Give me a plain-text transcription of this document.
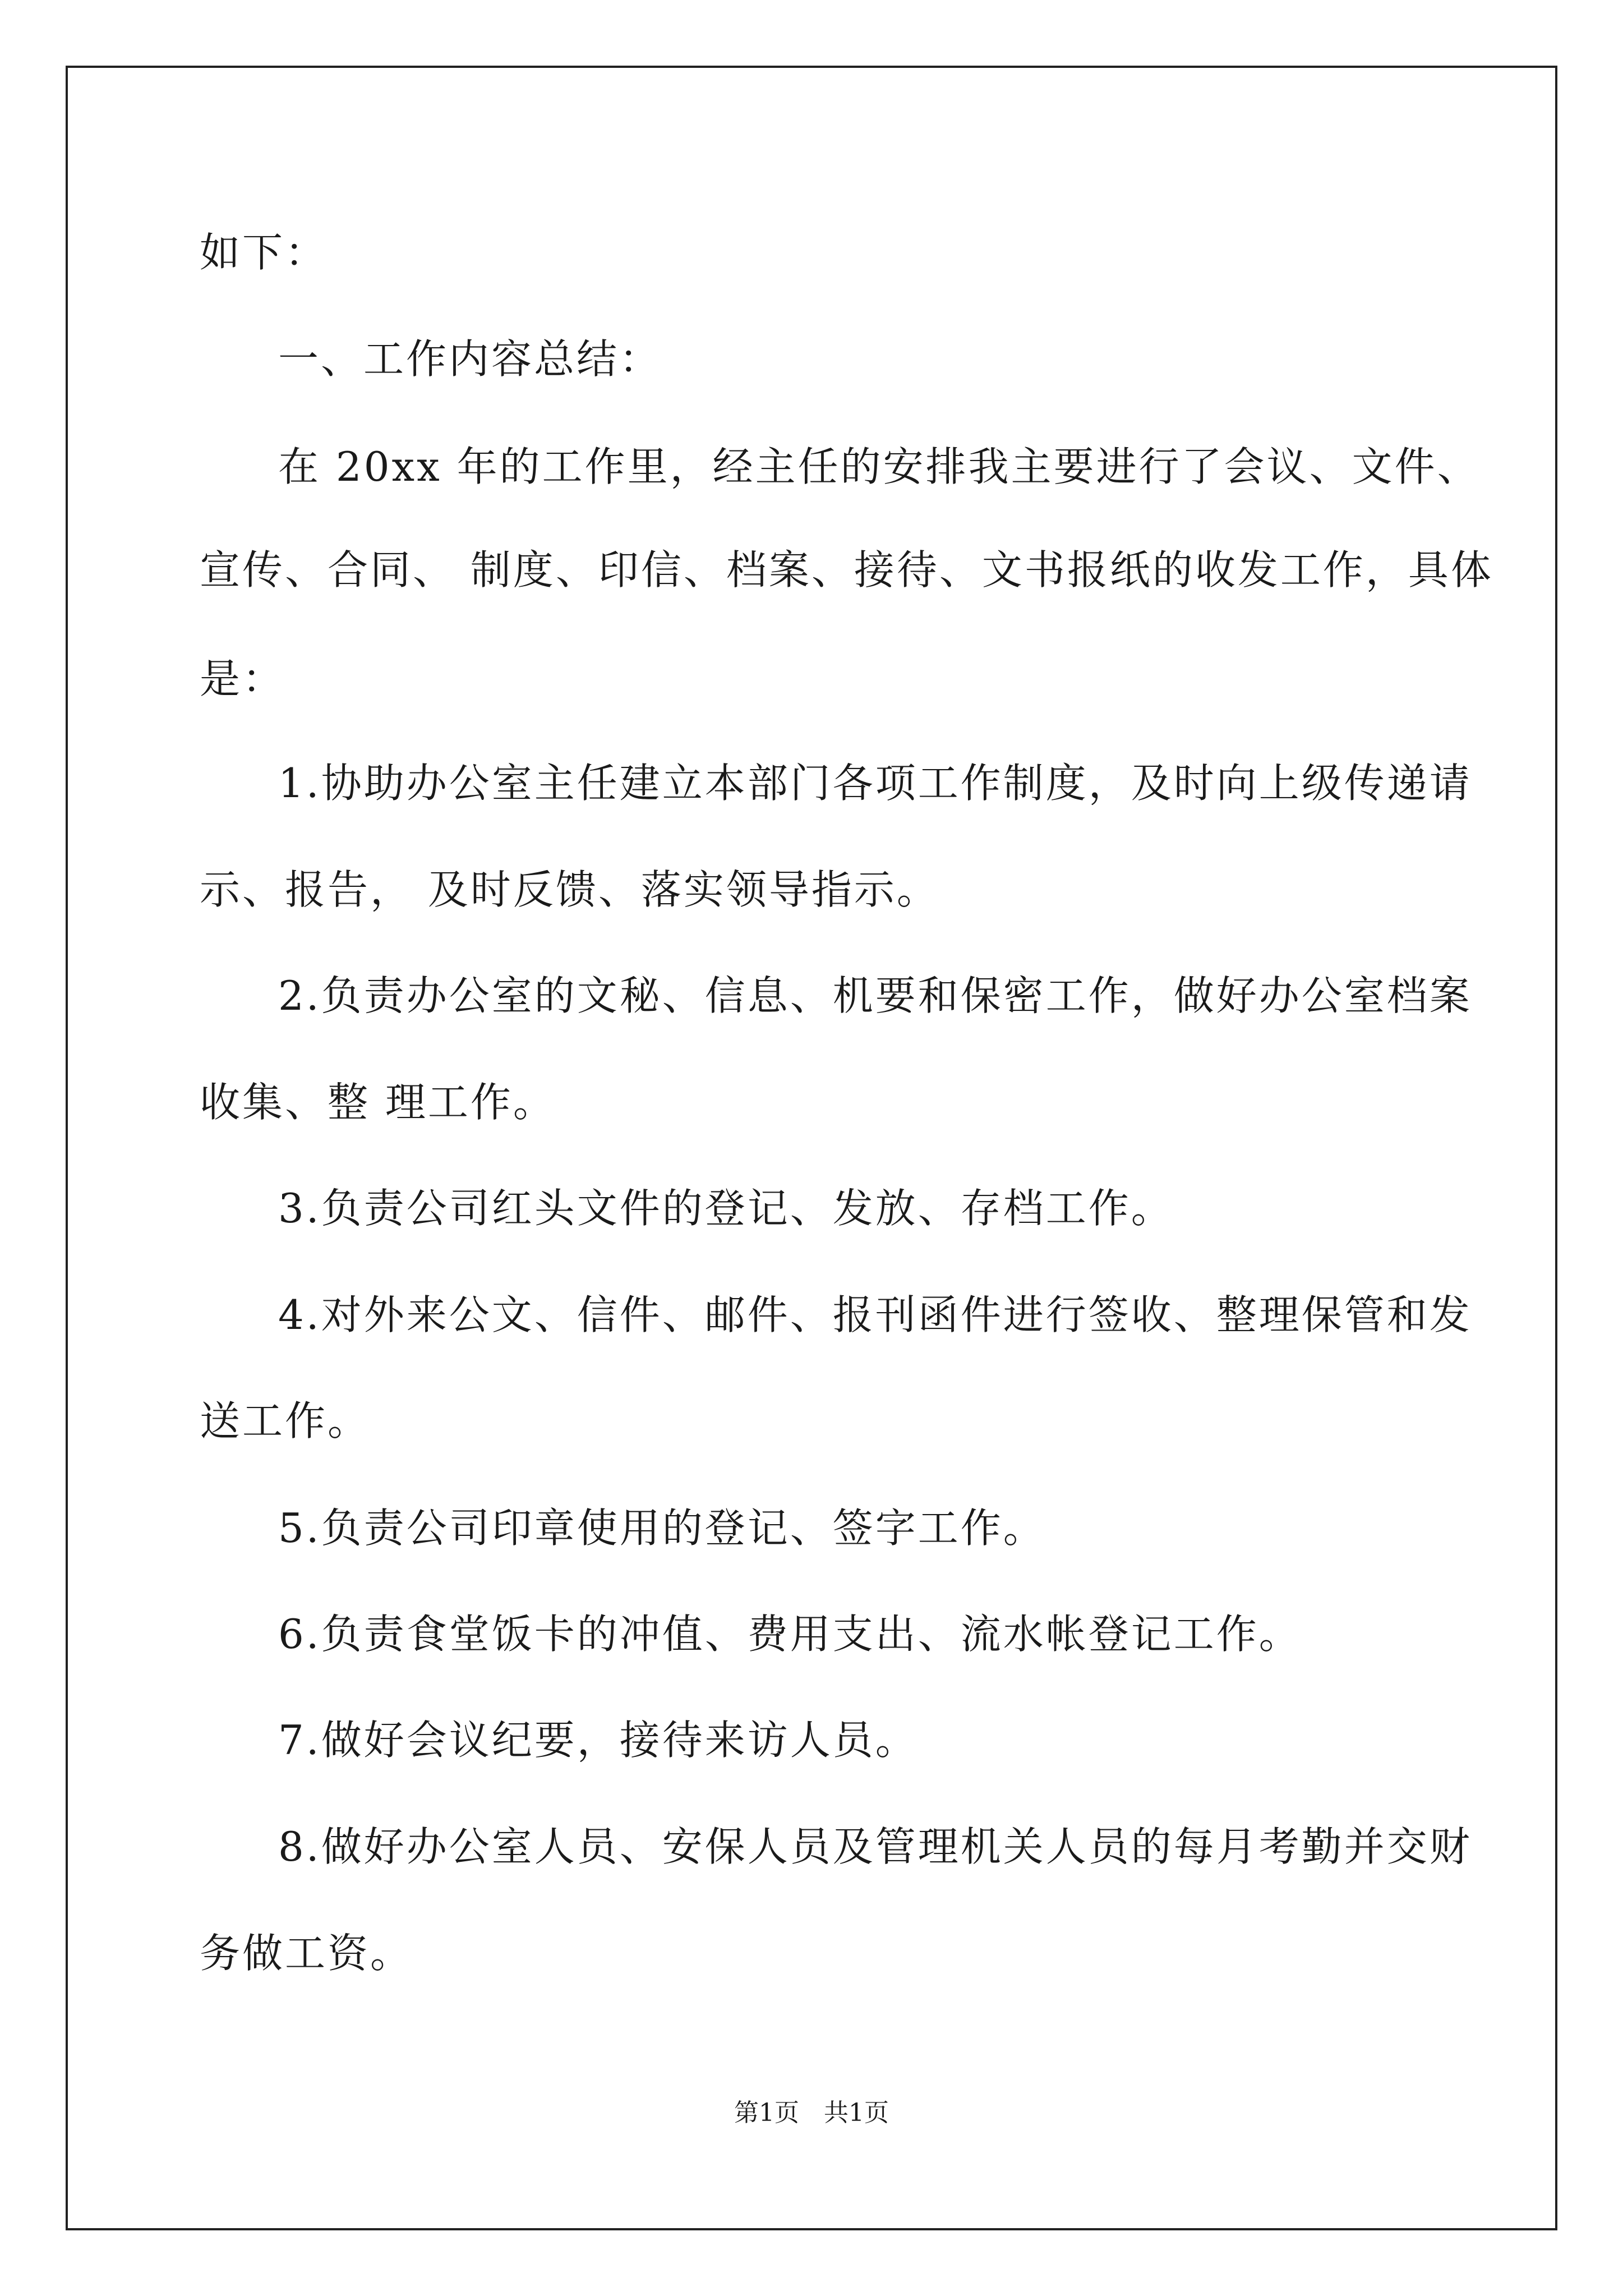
如下：
一、工作内容总结：
在 20xx 年的工作里，经主任的安排我主要进行了会议、文件、
宣传、合同、 制度、印信、档案、接待、文书报纸的收发工作，具体
是：
1.协助办公室主任建立本部门各项工作制度，及时向上级传递请
示、报告， 及时反馈、落实领导指示。
2.负责办公室的文秘、信息、机要和保密工作，做好办公室档案
收集、整 理工作。
3.负责公司红头文件的登记、发放、存档工作。
4.对外来公文、信件、邮件、报刊函件进行签收、整理保管和发
送工作。
5.负责公司印章使用的登记、签字工作。
6.负责食堂饭卡的冲值、费用支出、流水帐登记工作。
7.做好会议纪要，接待来访人员。
8.做好办公室人员、安保人员及管理机关人员的每月考勤并交财
务做工资。
第1页　共1页
